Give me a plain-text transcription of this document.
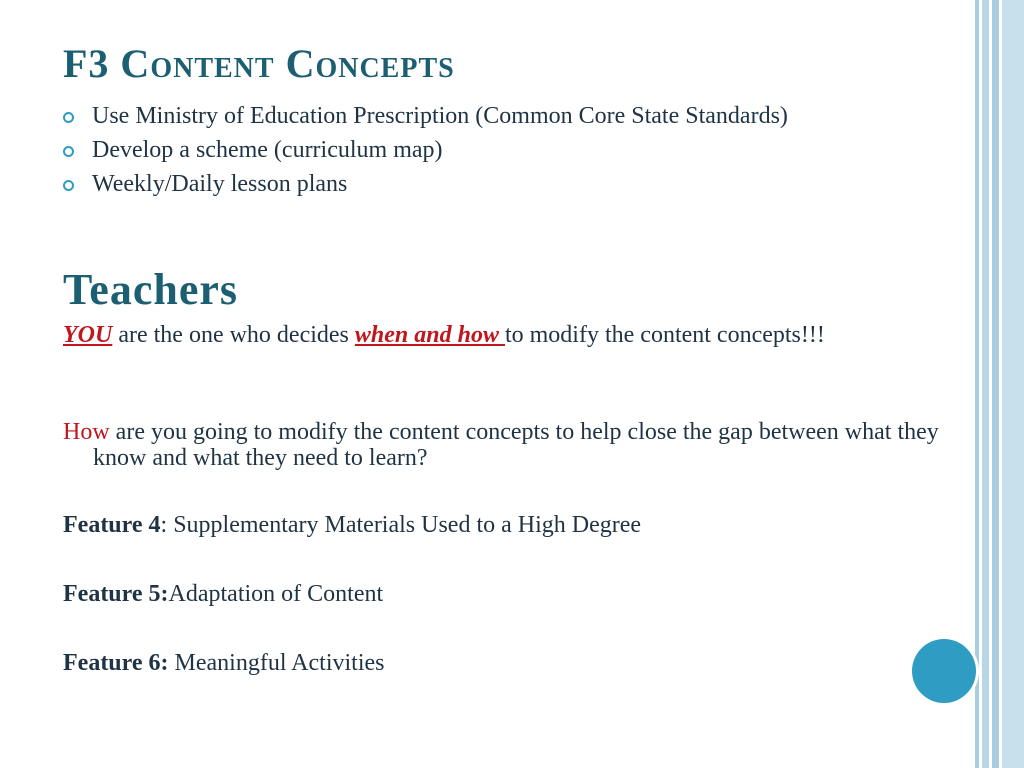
F3 Content Concepts
Use Ministry of Education Prescription (Common Core State Standards)
Develop a scheme (curriculum map)
Weekly/Daily lesson plans
Teachers

YOU are the one who decides when and how to modify the content concepts!!!

How are you going to modify the content concepts to help close the gap between what they know and what they need to learn?

Feature 4: Supplementary Materials Used to a High Degree

Feature 5:Adaptation of Content

Feature 6: Meaningful Activities
